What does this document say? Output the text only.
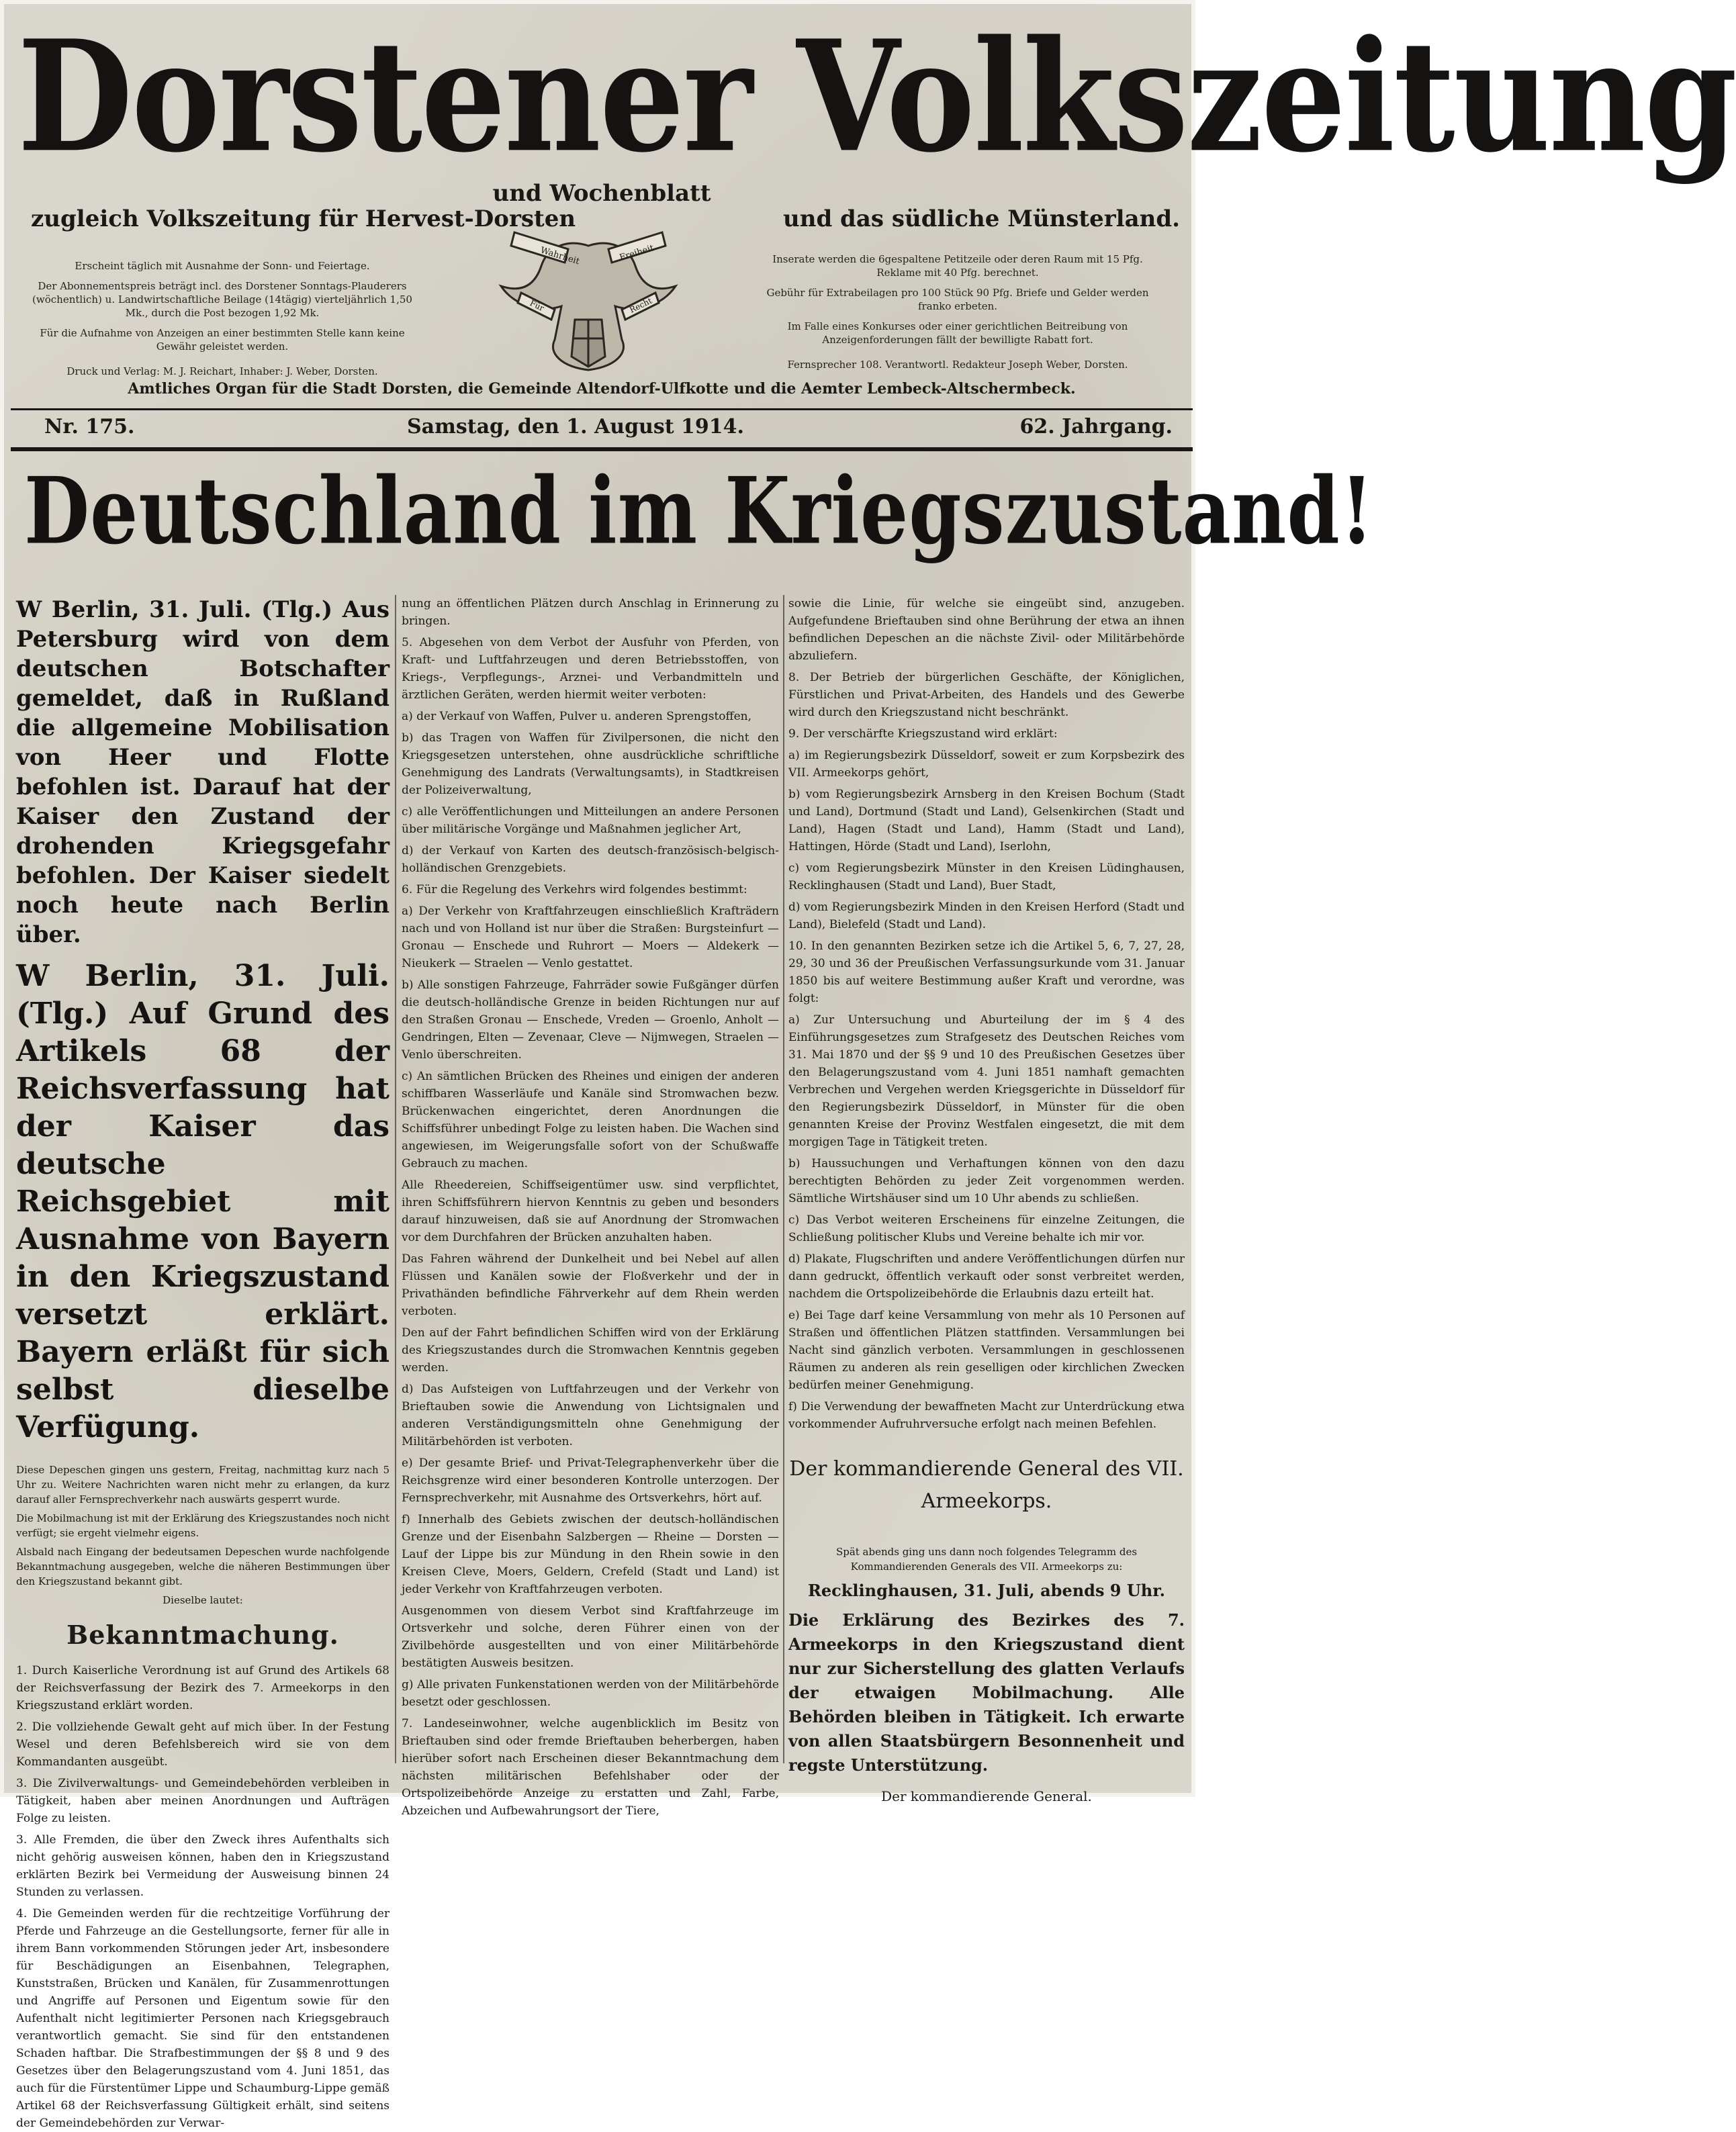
Dorstener Volkszeitung
und Wochenblatt
zugleich Volkszeitung für Hervest-Dorsten	und das südliche Münsterland.
Erscheint täglich mit Ausnahme der Sonn- und Feiertage.
Der Abonnementspreis beträgt incl. des Dorstener Sonntags-Plauderers (wöchentlich) u. Landwirtschaftliche Beilage (14tägig) vierteljährlich 1,50 Mk., durch die Post bezogen 1,92 Mk.
Für die Aufnahme von Anzeigen an einer bestimmten Stelle kann keine Gewähr geleistet werden.
Druck und Verlag: M. J. Reichart, Inhaber: J. Weber, Dorsten.
Wahrheit	Freiheit
Für	Recht
Inserate werden die 6gespaltene Petitzeile oder deren Raum mit 15 Pfg. Reklame mit 40 Pfg. berechnet.
Gebühr für Extrabeilagen pro 100 Stück 90 Pfg. Briefe und Gelder werden franko erbeten.
Im Falle eines Konkurses oder einer gerichtlichen Beitreibung von Anzeigenforderungen fällt der bewilligte Rabatt fort.
Fernsprecher 108. Verantwortl. Redakteur Joseph Weber, Dorsten.
Amtliches Organ für die Stadt Dorsten, die Gemeinde Altendorf-Ulfkotte und die Aemter Lembeck-Altschermbeck.
Nr. 175.	Samstag, den 1. August 1914.	62. Jahrgang.
Deutschland im Kriegszustand!
W Berlin, 31. Juli. (Tlg.) Aus Petersburg wird von dem deutschen Botschafter gemeldet, daß in Rußland die allgemeine Mobilisation von Heer und Flotte befohlen ist. Darauf hat der Kaiser den Zustand der drohenden Kriegsgefahr befohlen. Der Kaiser siedelt noch heute nach Berlin über.
W Berlin, 31. Juli. (Tlg.) Auf Grund des Artikels 68 der Reichsverfassung hat der Kaiser das deutsche Reichsgebiet mit Ausnahme von Bayern in den Kriegszustand versetzt erklärt. Bayern erläßt für sich selbst dieselbe Verfügung.

Diese Depeschen gingen uns gestern, Freitag, nachmittag kurz nach 5 Uhr zu. Weitere Nachrichten waren nicht mehr zu erlangen, da kurz darauf aller Fernsprechverkehr nach auswärts gesperrt wurde.

Die Mobilmachung ist mit der Erklärung des Kriegszustandes noch nicht verfügt; sie ergeht vielmehr eigens.

Alsbald nach Eingang der bedeutsamen Depeschen wurde nachfolgende Bekanntmachung ausgegeben, welche die näheren Bestimmungen über den Kriegszustand bekannt gibt.

Dieselbe lautet:

Bekanntmachung.

1. Durch Kaiserliche Verordnung ist auf Grund des Artikels 68 der Reichsverfassung der Bezirk des 7. Armeekorps in den Kriegszustand erklärt worden.

2. Die vollziehende Gewalt geht auf mich über. In der Festung Wesel und deren Befehlsbereich wird sie von dem Kommandanten ausgeübt.

3. Die Zivilverwaltungs- und Gemeindebehörden verbleiben in Tätigkeit, haben aber meinen Anordnungen und Aufträgen Folge zu leisten.

3. Alle Fremden, die über den Zweck ihres Aufenthalts sich nicht gehörig ausweisen können, haben den in Kriegszustand erklärten Bezirk bei Vermeidung der Ausweisung binnen 24 Stunden zu verlassen.

4. Die Gemeinden werden für die rechtzeitige Vorführung der Pferde und Fahrzeuge an die Gestellungsorte, ferner für alle in ihrem Bann vorkommenden Störungen jeder Art, insbesondere für Beschädigungen an Eisenbahnen, Telegraphen, Kunststraßen, Brücken und Kanälen, für Zusammenrottungen und Angriffe auf Personen und Eigentum sowie für den Aufenthalt nicht legitimierter Personen nach Kriegsgebrauch verantwortlich gemacht. Sie sind für den entstandenen Schaden haftbar. Die Strafbestimmungen der §§ 8 und 9 des Gesetzes über den Belagerungszustand vom 4. Juni 1851, das auch für die Fürstentümer Lippe und Schaumburg-Lippe gemäß Artikel 68 der Reichsverfassung Gültigkeit erhält, sind seitens der Gemeindebehörden zur Verwar-

nung an öffentlichen Plätzen durch Anschlag in Erinnerung zu bringen.

5. Abgesehen von dem Verbot der Ausfuhr von Pferden, von Kraft- und Luftfahrzeugen und deren Betriebsstoffen, von Kriegs-, Verpflegungs-, Arznei- und Verbandmitteln und ärztlichen Geräten, werden hiermit weiter verboten:

a) der Verkauf von Waffen, Pulver u. anderen Sprengstoffen,

b) das Tragen von Waffen für Zivilpersonen, die nicht den Kriegsgesetzen unterstehen, ohne ausdrückliche schriftliche Genehmigung des Landrats (Verwaltungsamts), in Stadtkreisen der Polizeiverwaltung,

c) alle Veröffentlichungen und Mitteilungen an andere Personen über militärische Vorgänge und Maßnahmen jeglicher Art,

d) der Verkauf von Karten des deutsch-französisch-belgisch-holländischen Grenzgebiets.

6. Für die Regelung des Verkehrs wird folgendes bestimmt:

a) Der Verkehr von Kraftfahrzeugen einschließlich Krafträdern nach und von Holland ist nur über die Straßen: Burgsteinfurt — Gronau — Enschede und Ruhrort — Moers — Aldekerk — Nieukerk — Straelen — Venlo gestattet.

b) Alle sonstigen Fahrzeuge, Fahrräder sowie Fußgänger dürfen die deutsch-holländische Grenze in beiden Richtungen nur auf den Straßen Gronau — Enschede, Vreden — Groenlo, Anholt — Gendringen, Elten — Zevenaar, Cleve — Nijmwegen, Straelen — Venlo überschreiten.

c) An sämtlichen Brücken des Rheines und einigen der anderen schiffbaren Wasserläufe und Kanäle sind Stromwachen bezw. Brückenwachen eingerichtet, deren Anordnungen die Schiffsführer unbedingt Folge zu leisten haben. Die Wachen sind angewiesen, im Weigerungsfalle sofort von der Schußwaffe Gebrauch zu machen.

Alle Rheedereien, Schiffseigentümer usw. sind verpflichtet, ihren Schiffsführern hiervon Kenntnis zu geben und besonders darauf hinzuweisen, daß sie auf Anordnung der Stromwachen vor dem Durchfahren der Brücken anzuhalten haben.

Das Fahren während der Dunkelheit und bei Nebel auf allen Flüssen und Kanälen sowie der Floßverkehr und der in Privathänden befindliche Fährverkehr auf dem Rhein werden verboten.

Den auf der Fahrt befindlichen Schiffen wird von der Erklärung des Kriegszustandes durch die Stromwachen Kenntnis gegeben werden.

d) Das Aufsteigen von Luftfahrzeugen und der Verkehr von Brieftauben sowie die Anwendung von Lichtsignalen und anderen Verständigungsmitteln ohne Genehmigung der Militärbehörden ist verboten.

e) Der gesamte Brief- und Privat-Telegraphenverkehr über die Reichsgrenze wird einer besonderen Kontrolle unterzogen. Der Fernsprechverkehr, mit Ausnahme des Ortsverkehrs, hört auf.

f) Innerhalb des Gebiets zwischen der deutsch-holländischen Grenze und der Eisenbahn Salzbergen — Rheine — Dorsten — Lauf der Lippe bis zur Mündung in den Rhein sowie in den Kreisen Cleve, Moers, Geldern, Crefeld (Stadt und Land) ist jeder Verkehr von Kraftfahrzeugen verboten.

Ausgenommen von diesem Verbot sind Kraftfahrzeuge im Ortsverkehr und solche, deren Führer einen von der Zivilbehörde ausgestellten und von einer Militärbehörde bestätigten Ausweis besitzen.

g) Alle privaten Funkenstationen werden von der Militärbehörde besetzt oder geschlossen.

7. Landeseinwohner, welche augenblicklich im Besitz von Brieftauben sind oder fremde Brieftauben beherbergen, haben hierüber sofort nach Erscheinen dieser Bekanntmachung dem nächsten militärischen Befehlshaber oder der Ortspolizeibehörde Anzeige zu erstatten und Zahl, Farbe, Abzeichen und Aufbewahrungsort der Tiere,

sowie die Linie, für welche sie eingeübt sind, anzugeben. Aufgefundene Brieftauben sind ohne Berührung der etwa an ihnen befindlichen Depeschen an die nächste Zivil- oder Militärbehörde abzuliefern.

8. Der Betrieb der bürgerlichen Geschäfte, der Königlichen, Fürstlichen und Privat-Arbeiten, des Handels und des Gewerbe wird durch den Kriegszustand nicht beschränkt.

9. Der verschärfte Kriegszustand wird erklärt:

a) im Regierungsbezirk Düsseldorf, soweit er zum Korpsbezirk des VII. Armeekorps gehört,

b) vom Regierungsbezirk Arnsberg in den Kreisen Bochum (Stadt und Land), Dortmund (Stadt und Land), Gelsenkirchen (Stadt und Land), Hagen (Stadt und Land), Hamm (Stadt und Land), Hattingen, Hörde (Stadt und Land), Iserlohn,

c) vom Regierungsbezirk Münster in den Kreisen Lüdinghausen, Recklinghausen (Stadt und Land), Buer Stadt,

d) vom Regierungsbezirk Minden in den Kreisen Herford (Stadt und Land), Bielefeld (Stadt und Land).

10. In den genannten Bezirken setze ich die Artikel 5, 6, 7, 27, 28, 29, 30 und 36 der Preußischen Verfassungsurkunde vom 31. Januar 1850 bis auf weitere Bestimmung außer Kraft und verordne, was folgt:

a) Zur Untersuchung und Aburteilung der im § 4 des Einführungsgesetzes zum Strafgesetz des Deutschen Reiches vom 31. Mai 1870 und der §§ 9 und 10 des Preußischen Gesetzes über den Belagerungszustand vom 4. Juni 1851 namhaft gemachten Verbrechen und Vergehen werden Kriegsgerichte in Düsseldorf für den Regierungsbezirk Düsseldorf, in Münster für die oben genannten Kreise der Provinz Westfalen eingesetzt, die mit dem morgigen Tage in Tätigkeit treten.

b) Haussuchungen und Verhaftungen können von den dazu berechtigten Behörden zu jeder Zeit vorgenommen werden. Sämtliche Wirtshäuser sind um 10 Uhr abends zu schließen.

c) Das Verbot weiteren Erscheinens für einzelne Zeitungen, die Schließung politischer Klubs und Vereine behalte ich mir vor.

d) Plakate, Flugschriften und andere Veröffentlichungen dürfen nur dann gedruckt, öffentlich verkauft oder sonst verbreitet werden, nachdem die Ortspolizeibehörde die Erlaubnis dazu erteilt hat.

e) Bei Tage darf keine Versammlung von mehr als 10 Personen auf Straßen und öffentlichen Plätzen stattfinden. Versammlungen bei Nacht sind gänzlich verboten. Versammlungen in geschlossenen Räumen zu anderen als rein geselligen oder kirchlichen Zwecken bedürfen meiner Genehmigung.

f) Die Verwendung der bewaffneten Macht zur Unterdrückung etwa vorkommender Aufruhrversuche erfolgt nach meinen Befehlen.

Der kommandierende General des VII. Armeekorps.

Spät abends ging uns dann noch folgendes Telegramm des Kommandierenden Generals des VII. Armeekorps zu:

Recklinghausen, 31. Juli, abends 9 Uhr.
Die Erklärung des Bezirkes des 7. Armeekorps in den Kriegszustand dient nur zur Sicherstellung des glatten Verlaufs der etwaigen Mobilmachung. Alle Behörden bleiben in Tätigkeit. Ich erwarte von allen Staatsbürgern Besonnenheit und regste Unterstützung.
Der kommandierende General.
